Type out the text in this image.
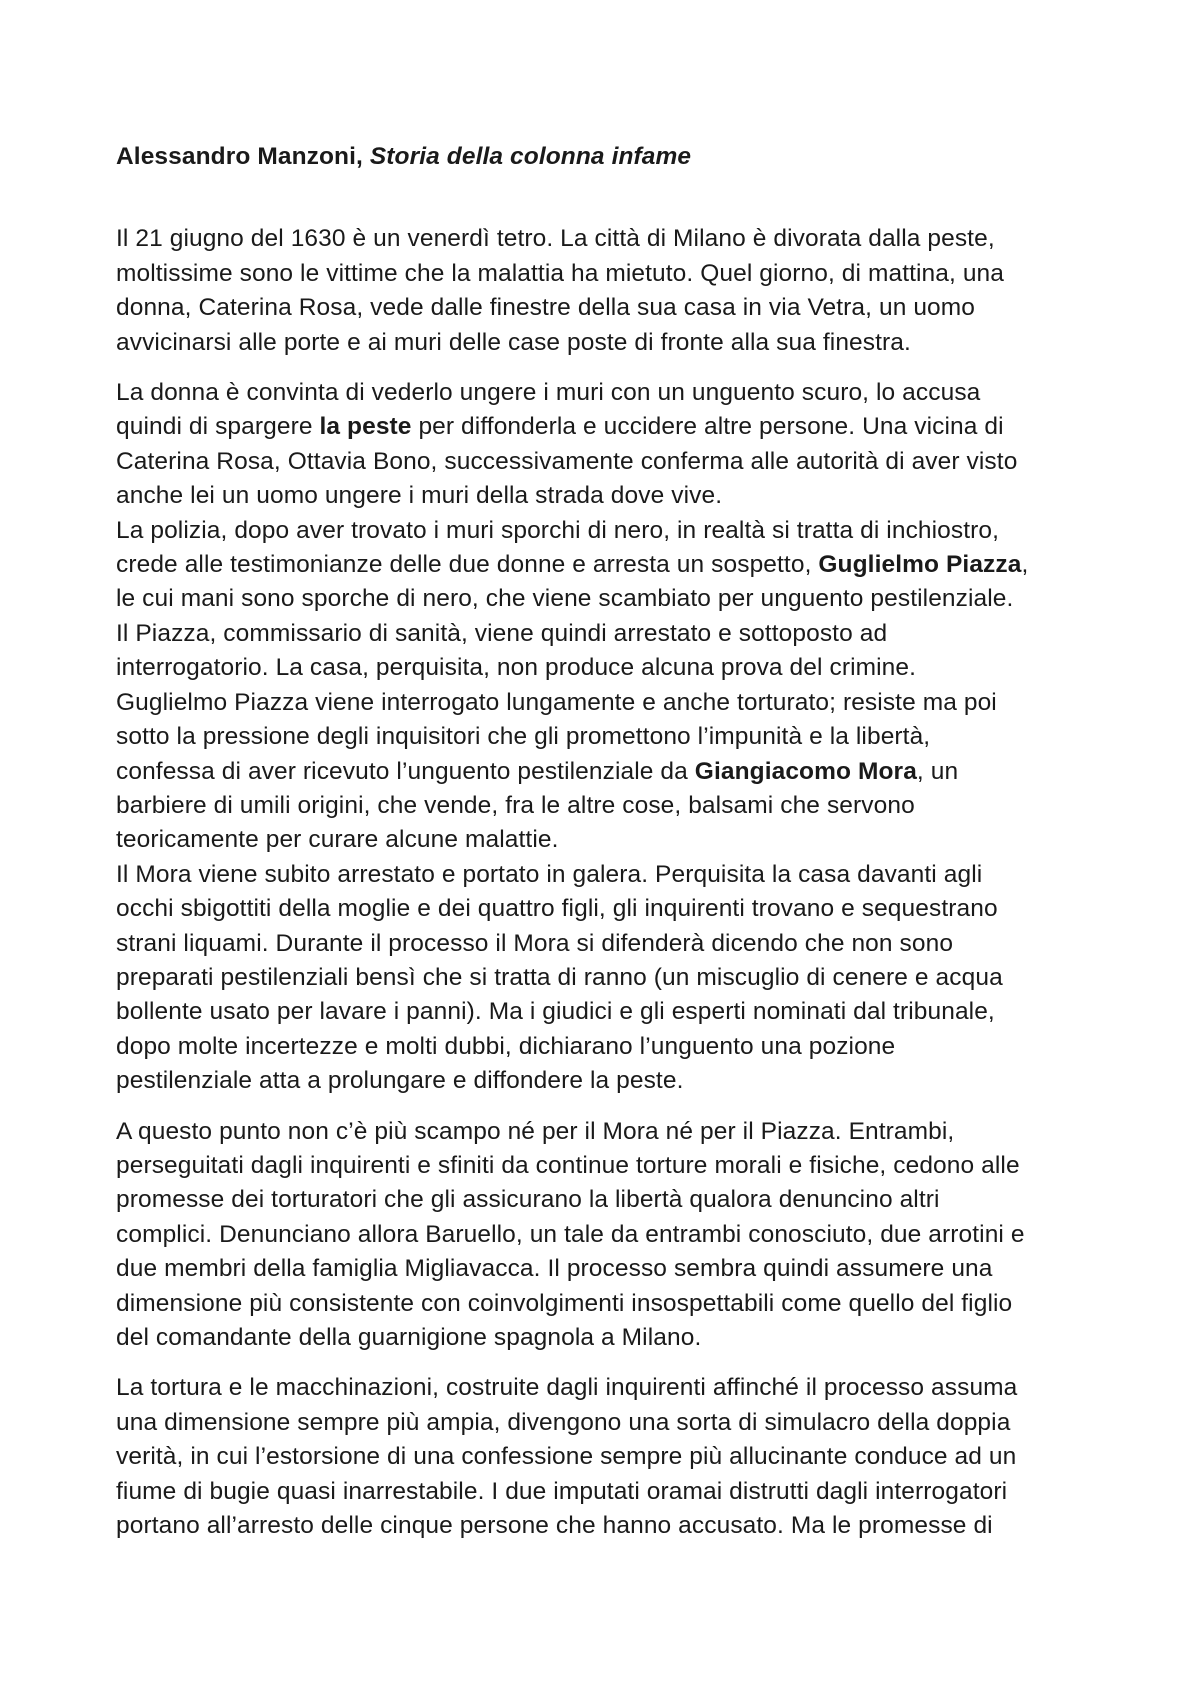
Alessandro Manzoni, Storia della colonna infame
Il 21 giugno del 1630 è un venerdì tetro. La città di Milano è divorata dalla peste,
moltissime sono le vittime che la malattia ha mietuto. Quel giorno, di mattina, una
donna, Caterina Rosa, vede dalle finestre della sua casa in via Vetra, un uomo
avvicinarsi alle porte e ai muri delle case poste di fronte alla sua finestra.
La donna è convinta di vederlo ungere i muri con un unguento scuro, lo accusa
quindi di spargere la peste per diffonderla e uccidere altre persone. Una vicina di
Caterina Rosa, Ottavia Bono, successivamente conferma alle autorità di aver visto
anche lei un uomo ungere i muri della strada dove vive.
La polizia, dopo aver trovato i muri sporchi di nero, in realtà si tratta di inchiostro,
crede alle testimonianze delle due donne e arresta un sospetto, Guglielmo Piazza,
le cui mani sono sporche di nero, che viene scambiato per unguento pestilenziale.
Il Piazza, commissario di sanità, viene quindi arrestato e sottoposto ad
interrogatorio. La casa, perquisita, non produce alcuna prova del crimine.
Guglielmo Piazza viene interrogato lungamente e anche torturato; resiste ma poi
sotto la pressione degli inquisitori che gli promettono l’impunità e la libertà,
confessa di aver ricevuto l’unguento pestilenziale da Giangiacomo Mora, un
barbiere di umili origini, che vende, fra le altre cose, balsami che servono
teoricamente per curare alcune malattie.
Il Mora viene subito arrestato e portato in galera. Perquisita la casa davanti agli
occhi sbigottiti della moglie e dei quattro figli, gli inquirenti trovano e sequestrano
strani liquami. Durante il processo il Mora si difenderà dicendo che non sono
preparati pestilenziali bensì che si tratta di ranno (un miscuglio di cenere e acqua
bollente usato per lavare i panni). Ma i giudici e gli esperti nominati dal tribunale,
dopo molte incertezze e molti dubbi, dichiarano l’unguento una pozione
pestilenziale atta a prolungare e diffondere la peste.
A questo punto non c’è più scampo né per il Mora né per il Piazza. Entrambi,
perseguitati dagli inquirenti e sfiniti da continue torture morali e fisiche, cedono alle
promesse dei torturatori che gli assicurano la libertà qualora denuncino altri
complici. Denunciano allora Baruello, un tale da entrambi conosciuto, due arrotini e
due membri della famiglia Migliavacca. Il processo sembra quindi assumere una
dimensione più consistente con coinvolgimenti insospettabili come quello del figlio
del comandante della guarnigione spagnola a Milano.
La tortura e le macchinazioni, costruite dagli inquirenti affinché il processo assuma
una dimensione sempre più ampia, divengono una sorta di simulacro della doppia
verità, in cui l’estorsione di una confessione sempre più allucinante conduce ad un
fiume di bugie quasi inarrestabile. I due imputati oramai distrutti dagli interrogatori
portano all’arresto delle cinque persone che hanno accusato. Ma le promesse di
